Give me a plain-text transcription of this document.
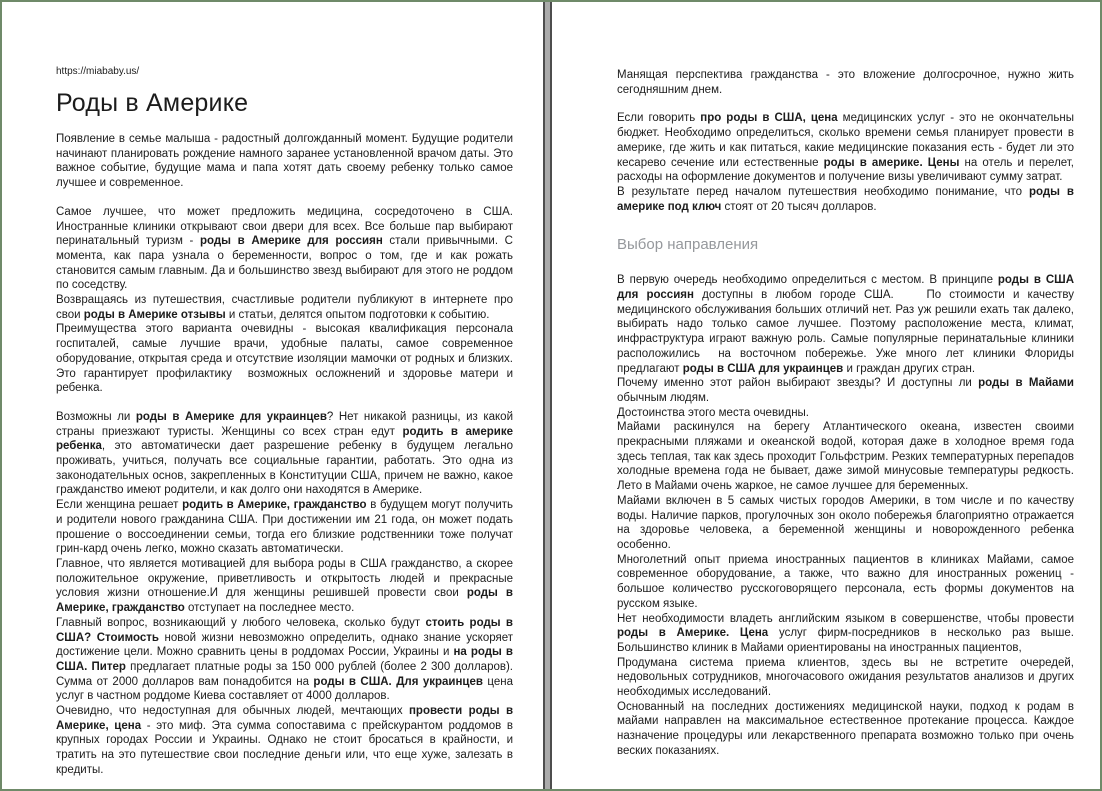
https://miababy.us/
Роды в Америке

Появление в семье малыша - радостный долгожданный момент. Будущие родители начинают планировать рождение намного заранее установленной врачом даты. Это важное событие, будущие мама и папа хотят дать своему ребенку только самое лучшее и современное.

Самое лучшее, что может предложить медицина, сосредоточено в США. Иностранные клиники открывают свои двери для всех. Все больше пар выбирают перинатальный туризм - роды в Америке для россиян стали привычными. С момента, как пара узнала о беременности, вопрос о том, где и как рожать становится самым главным. Да и большинство звезд выбирают для этого не роддом по соседству.

Возвращаясь из путешествия, счастливые родители публикуют в интернете про свои роды в Америке отзывы и статьи, делятся опытом подготовки к событию.

Преимущества этого варианта очевидны - высокая квалификация персонала госпиталей, самые лучшие врачи, удобные палаты, самое современное оборудование, открытая среда и отсутствие изоляции мамочки от родных и близких. Это гарантирует профилактику  возможных осложнений и здоровье матери и ребенка.

Возможны ли роды в Америке для украинцев? Нет никакой разницы, из какой страны приезжают туристы. Женщины со всех стран едут родить в америке ребенка, это автоматически дает разрешение ребенку в будущем легально проживать, учиться, получать все социальные гарантии, работать. Это одна из законодательных основ, закрепленных в Конституции США, причем не важно, какое гражданство имеют родители, и как долго они находятся в Америке.

Если женщина решает родить в Америке, гражданство в будущем могут получить и родители нового гражданина США. При достижении им 21 года, он может подать прошение о воссоединении семьи, тогда его близкие родственники тоже получат грин-кард очень легко, можно сказать автоматически.

Главное, что является мотивацией для выбора роды в США гражданство, а скорее положительное окружение, приветливость и открытость людей и прекрасные условия жизни отношение.И для женщины решившей провести свои роды в Америке, гражданство отступает на последнее место.

Главный вопрос, возникающий у любого человека, сколько будут стоить роды в США? Стоимость новой жизни невозможно определить, однако знание ускоряет достижение цели. Можно сравнить цены в роддомах России, Украины и на роды в США. Питер предлагает платные роды за 150 000 рублей (более 2 300 долларов). Сумма от 2000 долларов вам понадобится на роды в США. Для украинцев цена услуг в частном роддоме Киева составляет от 4000 долларов.

Очевидно, что недоступная для обычных людей, мечтающих провести роды в Америке, цена - это миф. Эта сумма сопоставима с прейскурантом роддомов в крупных городах России и Украины. Однако не стоит бросаться в крайности, и тратить на это путешествие свои последние деньги или, что еще хуже, залезать в кредиты.

Манящая перспектива гражданства - это вложение долгосрочное, нужно жить сегодняшним днем.

Если говорить про роды в США, цена медицинских услуг - это не окончательны бюджет. Необходимо определиться, сколько времени семья планирует провести в америке, где жить и как питаться, какие медицинские показания есть - будет ли это кесарево сечение или естественные роды в америке. Цены на отель и перелет, расходы на оформление документов и получение визы увеличивают сумму затрат.

В результате перед началом путешествия необходимо понимание, что роды в америке под ключ стоят от 20 тысяч долларов.

Выбор направления

В первую очередь необходимо определиться с местом. В принципе роды в США для россиян доступны в любом городе США.    По стоимости и качеству медицинского обслуживания больших отличий нет. Раз уж решили ехать так далеко, выбирать надо только самое лучшее. Поэтому расположение места, климат, инфраструктура играют важную роль. Самые популярные перинатальные клиники расположились  на восточном побережье. Уже много лет клиники Флориды предлагают роды в США для украинцев и граждан других стран.

Почему именно этот район выбирают звезды? И доступны ли роды в Майами обычным людям.

Достоинства этого места очевидны.

Майами раскинулся на берегу Атлантического океана, известен своими прекрасными пляжами и океанской водой, которая даже в холодное время года здесь теплая, так как здесь проходит Гольфстрим. Резких температурных перепадов холодные времена года не бывает, даже зимой минусовые температуры редкость. Лето в Майами очень жаркое, не самое лучшее для беременных.

Майами включен в 5 самых чистых городов Америки, в том числе и по качеству воды. Наличие парков, прогулочных зон около побережья благоприятно отражается на здоровье человека, а беременной женщины и новорожденного ребенка особенно.

Многолетний опыт приема иностранных пациентов в клиниках Майами, самое современное оборудование, а также, что важно для иностранных рожениц - большое количество русскоговорящего персонала, есть формы документов на русском языке.

Нет необходимости владеть английским языком в совершенстве, чтобы провести роды в Америке. Цена услуг фирм-посредников в несколько раз выше. Большинство клиник в Майами ориентированы на иностранных пациентов,

Продумана система приема клиентов, здесь вы не встретите очередей, недовольных сотрудников, многочасового ожидания результатов анализов и других необходимых исследований.

Основанный на последних достижениях медицинской науки, подход к родам в майами направлен на максимальное естественное протекание процесса. Каждое назначение процедуры или лекарственного препарата возможно только при очень веских показаниях.
